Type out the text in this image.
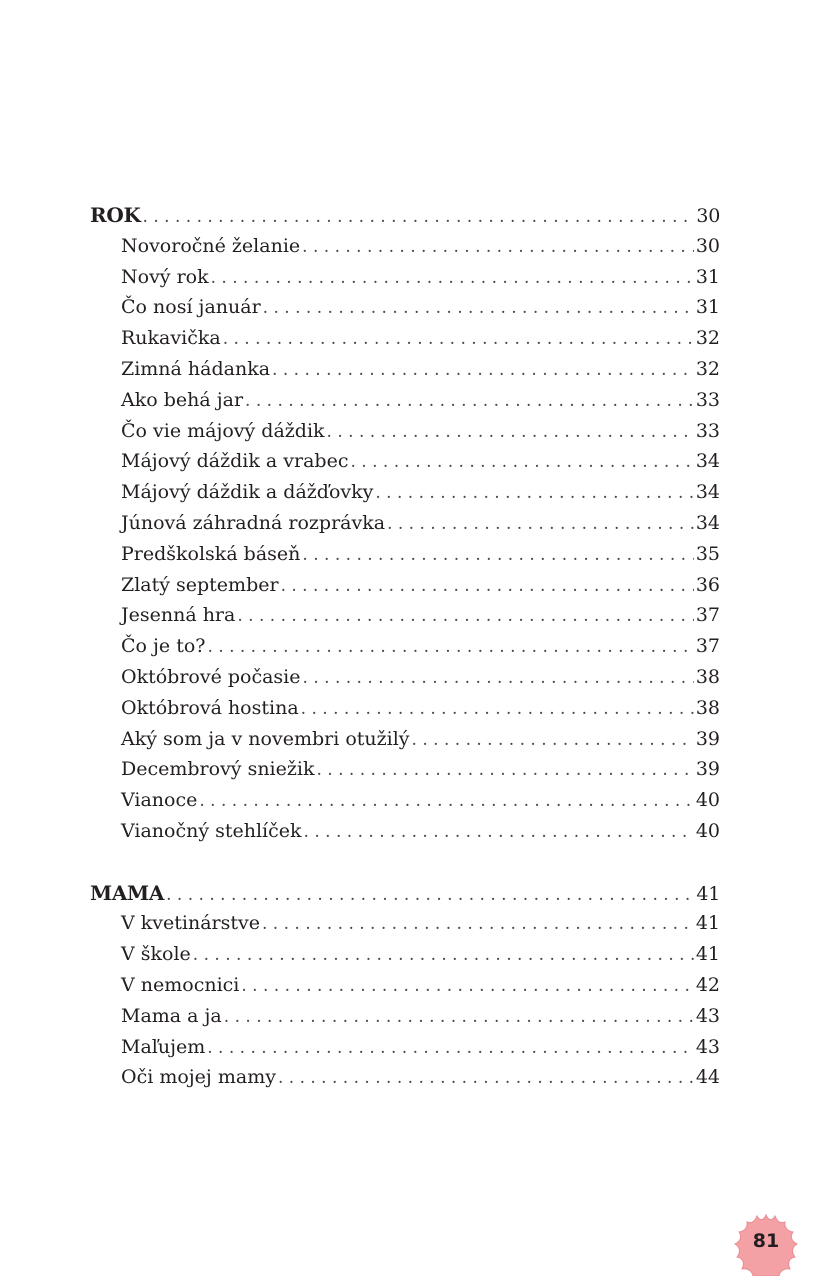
ROK . . .	30
Novoročné želanie . . .	30
Nový rok . . .	31
Čo nosí január . . .	31
Rukavička . . .	32
Zimná hádanka . . .	32
Ako behá jar . . .	33
Čo vie májový dáždik . . .	33
Májový dáždik a vrabec . . .	34
Májový dáždik a dážďovky . . .	34
Júnová záhradná rozprávka . . .	34
Predškolská báseň . . .	35
Zlatý september . . .	36
Jesenná hra . . .	37
Čo je to? . . .	37
Októbrové počasie . . .	38
Októbrová hostina . . .	38
Aký som ja v novembri otužilý . . .	39
Decembrový sniežik . . .	39
Vianoce . . .	40
Vianočný stehlíček . . .	40
MAMA . . .	41
V kvetinárstve . . .	41
V škole . . .	41
V nemocnici . . .	42
Mama a ja . . .	43
Maľujem . . .	43
Oči mojej mamy . . .	44
81
